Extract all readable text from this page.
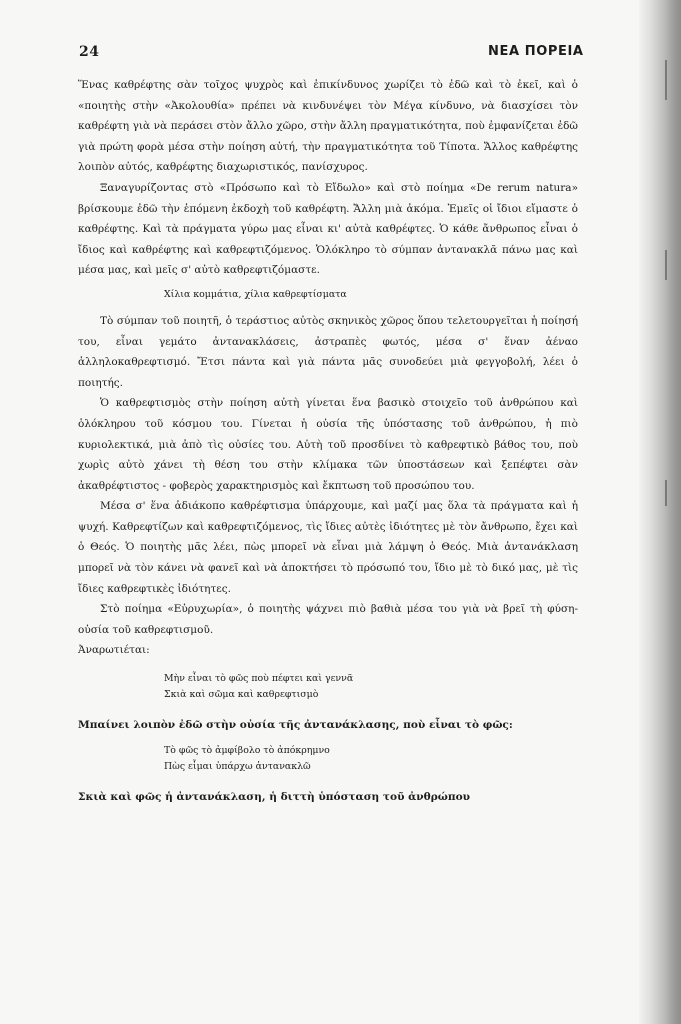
24	ΝΕΑ ΠΟΡΕΙΑ

Ἕνας καθρέφτης σὰν τοῖχος ψυχρὸς καὶ ἐπικίνδυνος χωρίζει τὸ ἐδῶ καὶ τὸ ἐκεῖ, καὶ ὁ «ποιητὴς στὴν «Ἀκολουθία» πρέπει νὰ κινδυνέψει τὸν Μέγα κίνδυνο, νὰ διασχίσει τὸν καθρέφτη γιὰ νὰ περάσει στὸν ἄλλο χῶρο, στὴν ἄλλη πραγματικότητα, ποὺ ἐμφανίζεται ἐδῶ γιὰ πρώτη φορὰ μέσα στὴν ποίηση αὐτή, τὴν πραγματικότητα τοῦ Τίποτα. Ἄλλος καθρέφτης λοιπὸν αὐτός, καθρέφτης διαχωριστικός, πανίσχυρος.

Ξαναγυρίζοντας στὸ «Πρόσωπο καὶ τὸ Εἴδωλο» καὶ στὸ ποίημα «De rerum natura» βρίσκουμε ἐδῶ τὴν ἑπόμενη ἐκδοχὴ τοῦ καθρέφτη. Ἄλλη μιὰ ἀκόμα. Ἐμεῖς οἱ ἴδιοι εἴμαστε ὁ καθρέφτης. Καὶ τὰ πράγματα γύρω μας εἶναι κι' αὐτὰ καθρέφτες. Ὁ κάθε ἄνθρωπος εἶναι ὁ ἴδιος καὶ καθρέφτης καὶ καθρεφτιζόμενος. Ὁλόκληρο τὸ σύμπαν ἀντανακλᾶ πάνω μας καὶ μέσα μας, καὶ μεῖς σ' αὐτὸ καθρεφτιζόμαστε.

Χίλια κομμάτια, χίλια καθρεφτίσματα

Τὸ σύμπαν τοῦ ποιητῆ, ὁ τεράστιος αὐτὸς σκηνικὸς χῶρος ὅπου τελετουργεῖται ἡ ποίησή του, εἶναι γεμάτο ἀντανακλάσεις, ἀστραπὲς φωτός, μέσα σ' ἕναν ἀέναο ἀλληλοκαθρεφτισμό. Ἔτσι πάντα καὶ γιὰ πάντα μᾶς συνοδεύει μιὰ φεγγοβολή, λέει ὁ ποιητής.

Ὁ καθρεφτισμὸς στὴν ποίηση αὐτὴ γίνεται ἕνα βασικὸ στοιχεῖο τοῦ ἀνθρώπου καὶ ὁλόκληρου τοῦ κόσμου του. Γίνεται ἡ οὐσία τῆς ὑπόστασης τοῦ ἀνθρώπου, ἡ πιὸ κυριολεκτικά, μιὰ ἀπὸ τὶς οὐσίες του. Αὐτὴ τοῦ προσδίνει τὸ καθρεφτικὸ βάθος του, ποὺ χωρὶς αὐτὸ χάνει τὴ θέση του στὴν κλίμακα τῶν ὑποστάσεων καὶ ξεπέφτει σὰν ἀκαθρέφτιστος - φοβερὸς χαρακτηρισμὸς καὶ ἔκπτωση τοῦ προσώπου του.

Μέσα σ' ἕνα ἀδιάκοπο καθρέφτισμα ὑπάρχουμε, καὶ μαζί μας ὅλα τὰ πράγματα καὶ ἡ ψυχή. Καθρεφτίζων καὶ καθρεφτιζόμενος, τὶς ἴδιες αὐτὲς ἰδιότητες μὲ τὸν ἄνθρωπο, ἔχει καὶ ὁ Θεός. Ὁ ποιητὴς μᾶς λέει, πὼς μπορεῖ νὰ εἶναι μιὰ λάμψη ὁ Θεός. Μιὰ ἀντανάκλαση μπορεῖ νὰ τὸν κάνει νὰ φανεῖ καὶ νὰ ἀποκτήσει τὸ πρόσωπό του, ἴδιο μὲ τὸ δικό μας, μὲ τὶς ἴδιες καθρεφτικὲς ἰδιότητες.

Στὸ ποίημα «Εὐρυχωρία», ὁ ποιητὴς ψάχνει πιὸ βαθιὰ μέσα του γιὰ νὰ βρεῖ τὴ φύση-οὐσία τοῦ καθρεφτισμοῦ.

Ἀναρωτιέται:

Μὴν εἶναι τὸ φῶς ποὺ πέφτει καὶ γεννᾶ
Σκιὰ καὶ σῶμα καὶ καθρεφτισμὸ

Μπαίνει λοιπὸν ἐδῶ στὴν οὐσία τῆς ἀντανάκλασης, ποὺ εἶναι τὸ φῶς:

Τὸ φῶς τὸ ἀμφίβολο τὸ ἀπόκρημνο
Πὼς εἶμαι ὑπάρχω ἀντανακλῶ

Σκιὰ καὶ φῶς ἡ ἀντανάκλαση, ἡ διττὴ ὑπόσταση τοῦ ἀνθρώπου
